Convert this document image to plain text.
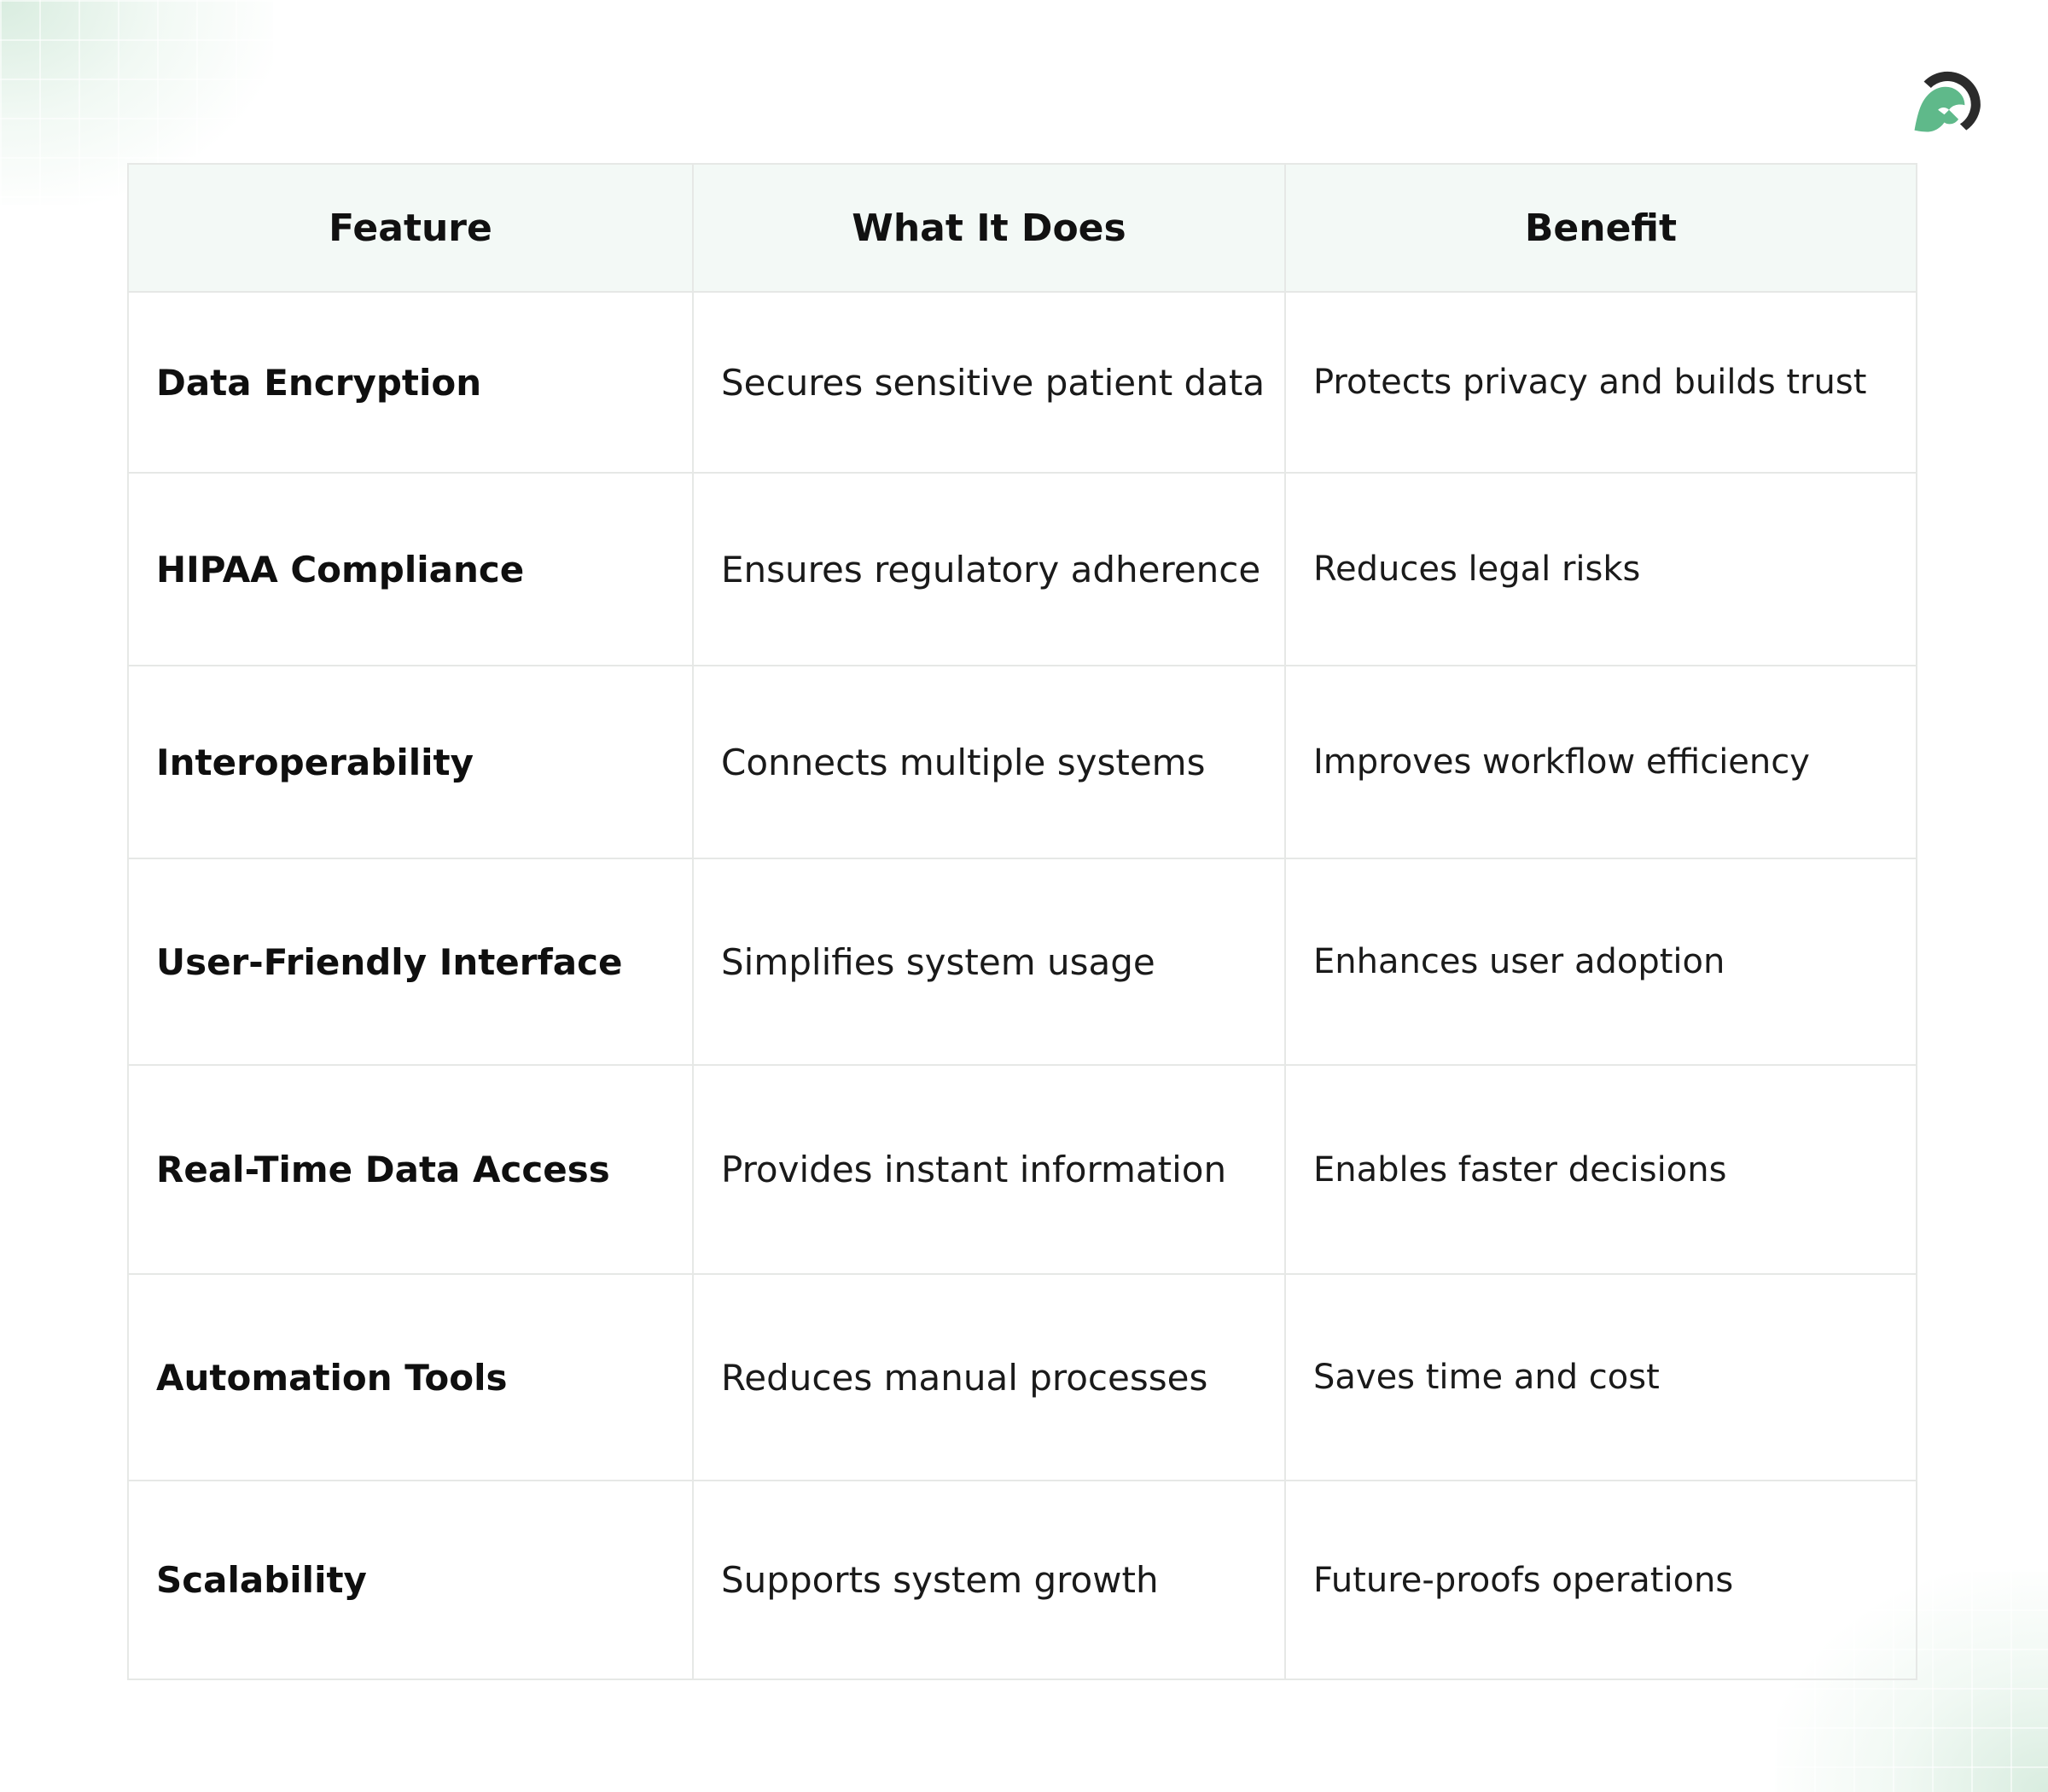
Feature	What It Does	Benefit
Data Encryption	Secures sensitive patient data	Protects privacy and builds trust
HIPAA Compliance	Ensures regulatory adherence	Reduces legal risks
Interoperability	Connects multiple systems	Improves workflow efficiency
User-Friendly Interface	Simplifies system usage	Enhances user adoption
Real-Time Data Access	Provides instant information	Enables faster decisions
Automation Tools	Reduces manual processes	Saves time and cost
Scalability	Supports system growth	Future-proofs operations
